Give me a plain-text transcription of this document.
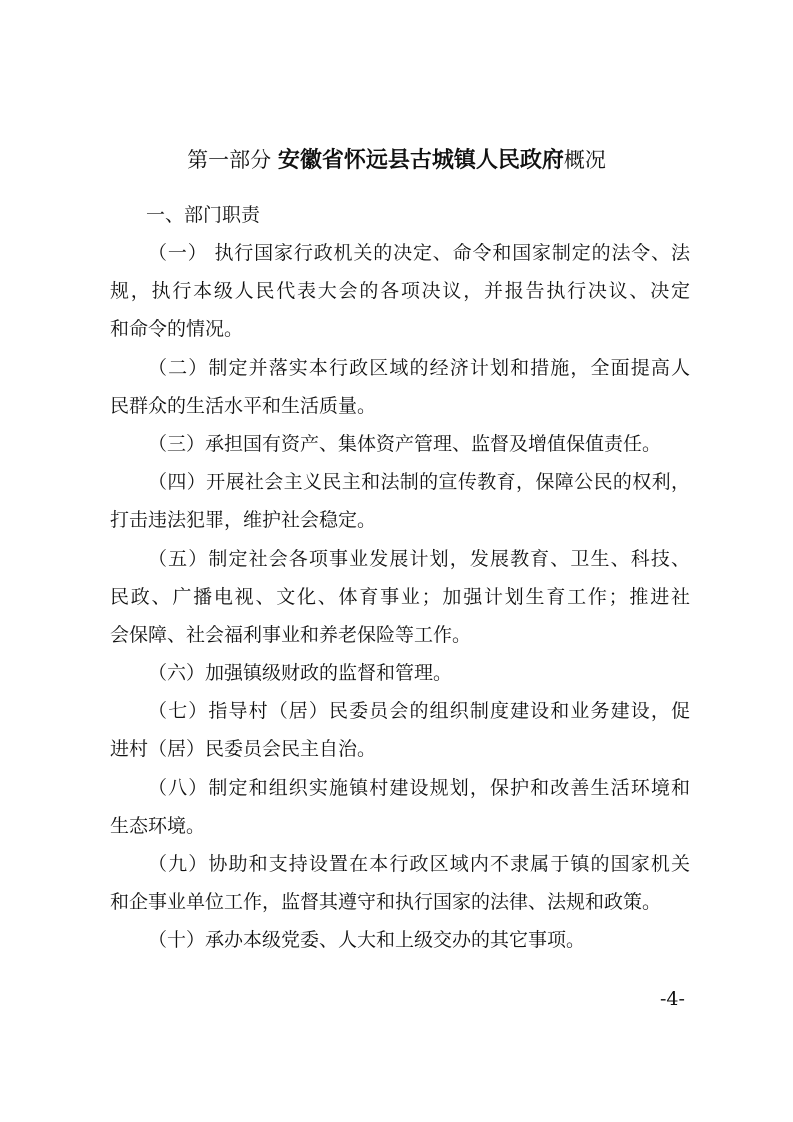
第一部分 安徽省怀远县古城镇人民政府概况

一、部门职责

（一） 执行国家行政机关的决定、命令和国家制定的法令、法
规，执行本级人民代表大会的各项决议，并报告执行决议、决定
和命令的情况。

（二）制定并落实本行政区域的经济计划和措施，全面提高人
民群众的生活水平和生活质量。

（三）承担国有资产、集体资产管理、监督及增值保值责任。

（四）开展社会主义民主和法制的宣传教育，保障公民的权利，
打击违法犯罪，维护社会稳定。

（五）制定社会各项事业发展计划，发展教育、卫生、科技、
民政、广播电视、文化、体育事业；加强计划生育工作；推进社
会保障、社会福利事业和养老保险等工作。

（六）加强镇级财政的监督和管理。

（七）指导村（居）民委员会的组织制度建设和业务建设，促
进村（居）民委员会民主自治。

（八）制定和组织实施镇村建设规划，保护和改善生活环境和
生态环境。

（九）协助和支持设置在本行政区域内不隶属于镇的国家机关
和企事业单位工作，监督其遵守和执行国家的法律、法规和政策。

（十）承办本级党委、人大和上级交办的其它事项。

-4-
